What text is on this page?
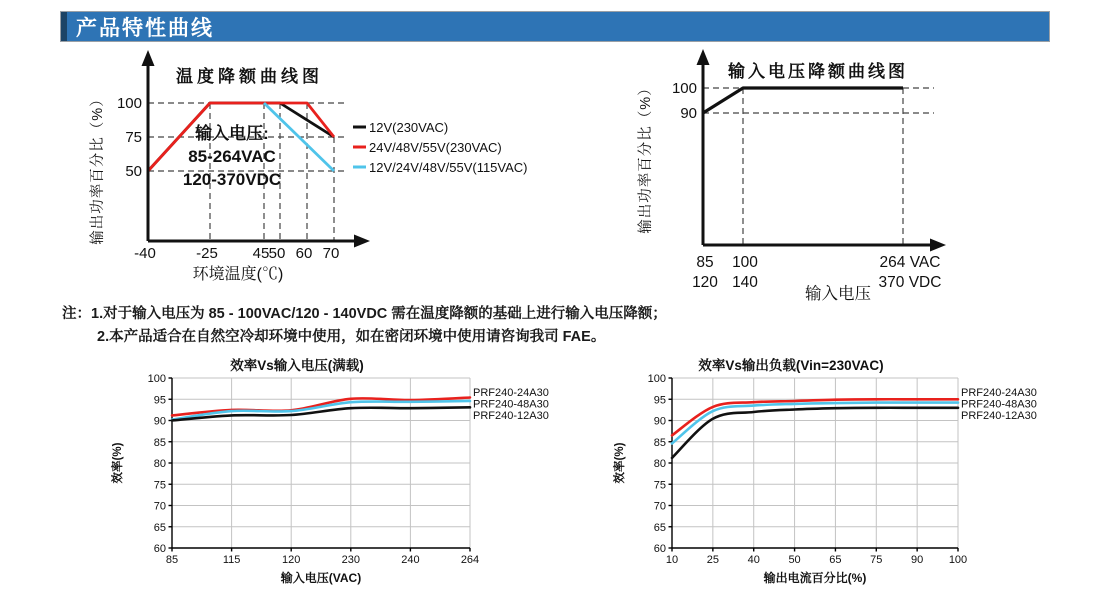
产品特性曲线
温度降额曲线图
100
75
50
-40	-25 45 50 60 70
环境温度(℃)
输出功率百分比（%）	输入电压:
85-264VAC
120-370VDC
12V(230VAC)
24V/48V/55V(230VAC)
12V/24V/48V/55V(115VAC)
输入电压降额曲线图
100
90
85
120
100
140
264 VAC
370 VDC
输入电压
输出功率百分比（%）
注：1.对于输入电压为 85 - 100VAC/120 - 140VDC 需在温度降额的基础上进行输入电压降额；
2.本产品适合在自然空冷却环境中使用，如在密闭环境中使用请咨询我司 FAE。
85	115	120	230	240	264
60
65
70
75
80
85
90
95
100
效率Vs输入电压(满载)
输入电压(VAC)
效率(%)
PRF240-24A30
PRF240-48A30
PRF240-12A30
10	25	40	50	65	75	90 100
60
65
70
75
80
85
90
95
100
效率Vs输出负载(Vin=230VAC)
输出电流百分比(%)
效率(%)
PRF240-24A30
PRF240-48A30
PRF240-12A30
